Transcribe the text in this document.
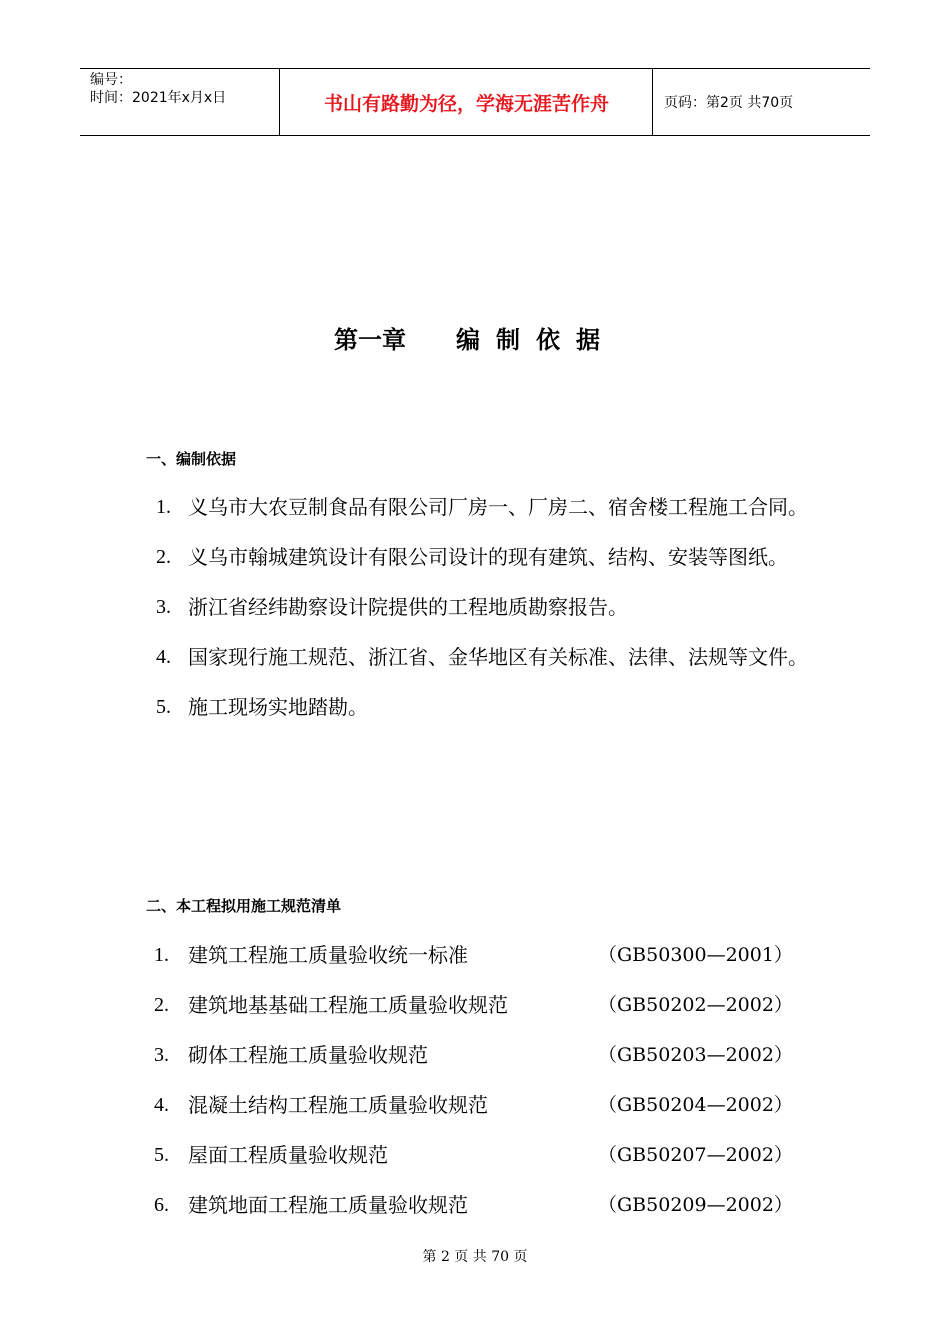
编号：
时间：2021年x月x日	书山有路勤为径，学海无涯苦作舟	页码：第2页 共70页
第一章 编制依据
一、编制依据
1. 义乌市大农豆制食品有限公司厂房一、厂房二、宿舍楼工程施工合同。
2. 义乌市翰城建筑设计有限公司设计的现有建筑、结构、安装等图纸。
3. 浙江省经纬勘察设计院提供的工程地质勘察报告。
4. 国家现行施工规范、浙江省、金华地区有关标准、法律、法规等文件。
5. 施工现场实地踏勘。
二、本工程拟用施工规范清单
1. 建筑工程施工质量验收统一标准	（GB50300—2001）
2. 建筑地基基础工程施工质量验收规范	（GB50202—2002）
3. 砌体工程施工质量验收规范	（GB50203—2002）
4. 混凝土结构工程施工质量验收规范	（GB50204—2002）
5. 屋面工程质量验收规范	（GB50207—2002）
6. 建筑地面工程施工质量验收规范	（GB50209—2002）
第 2 页 共 70 页
